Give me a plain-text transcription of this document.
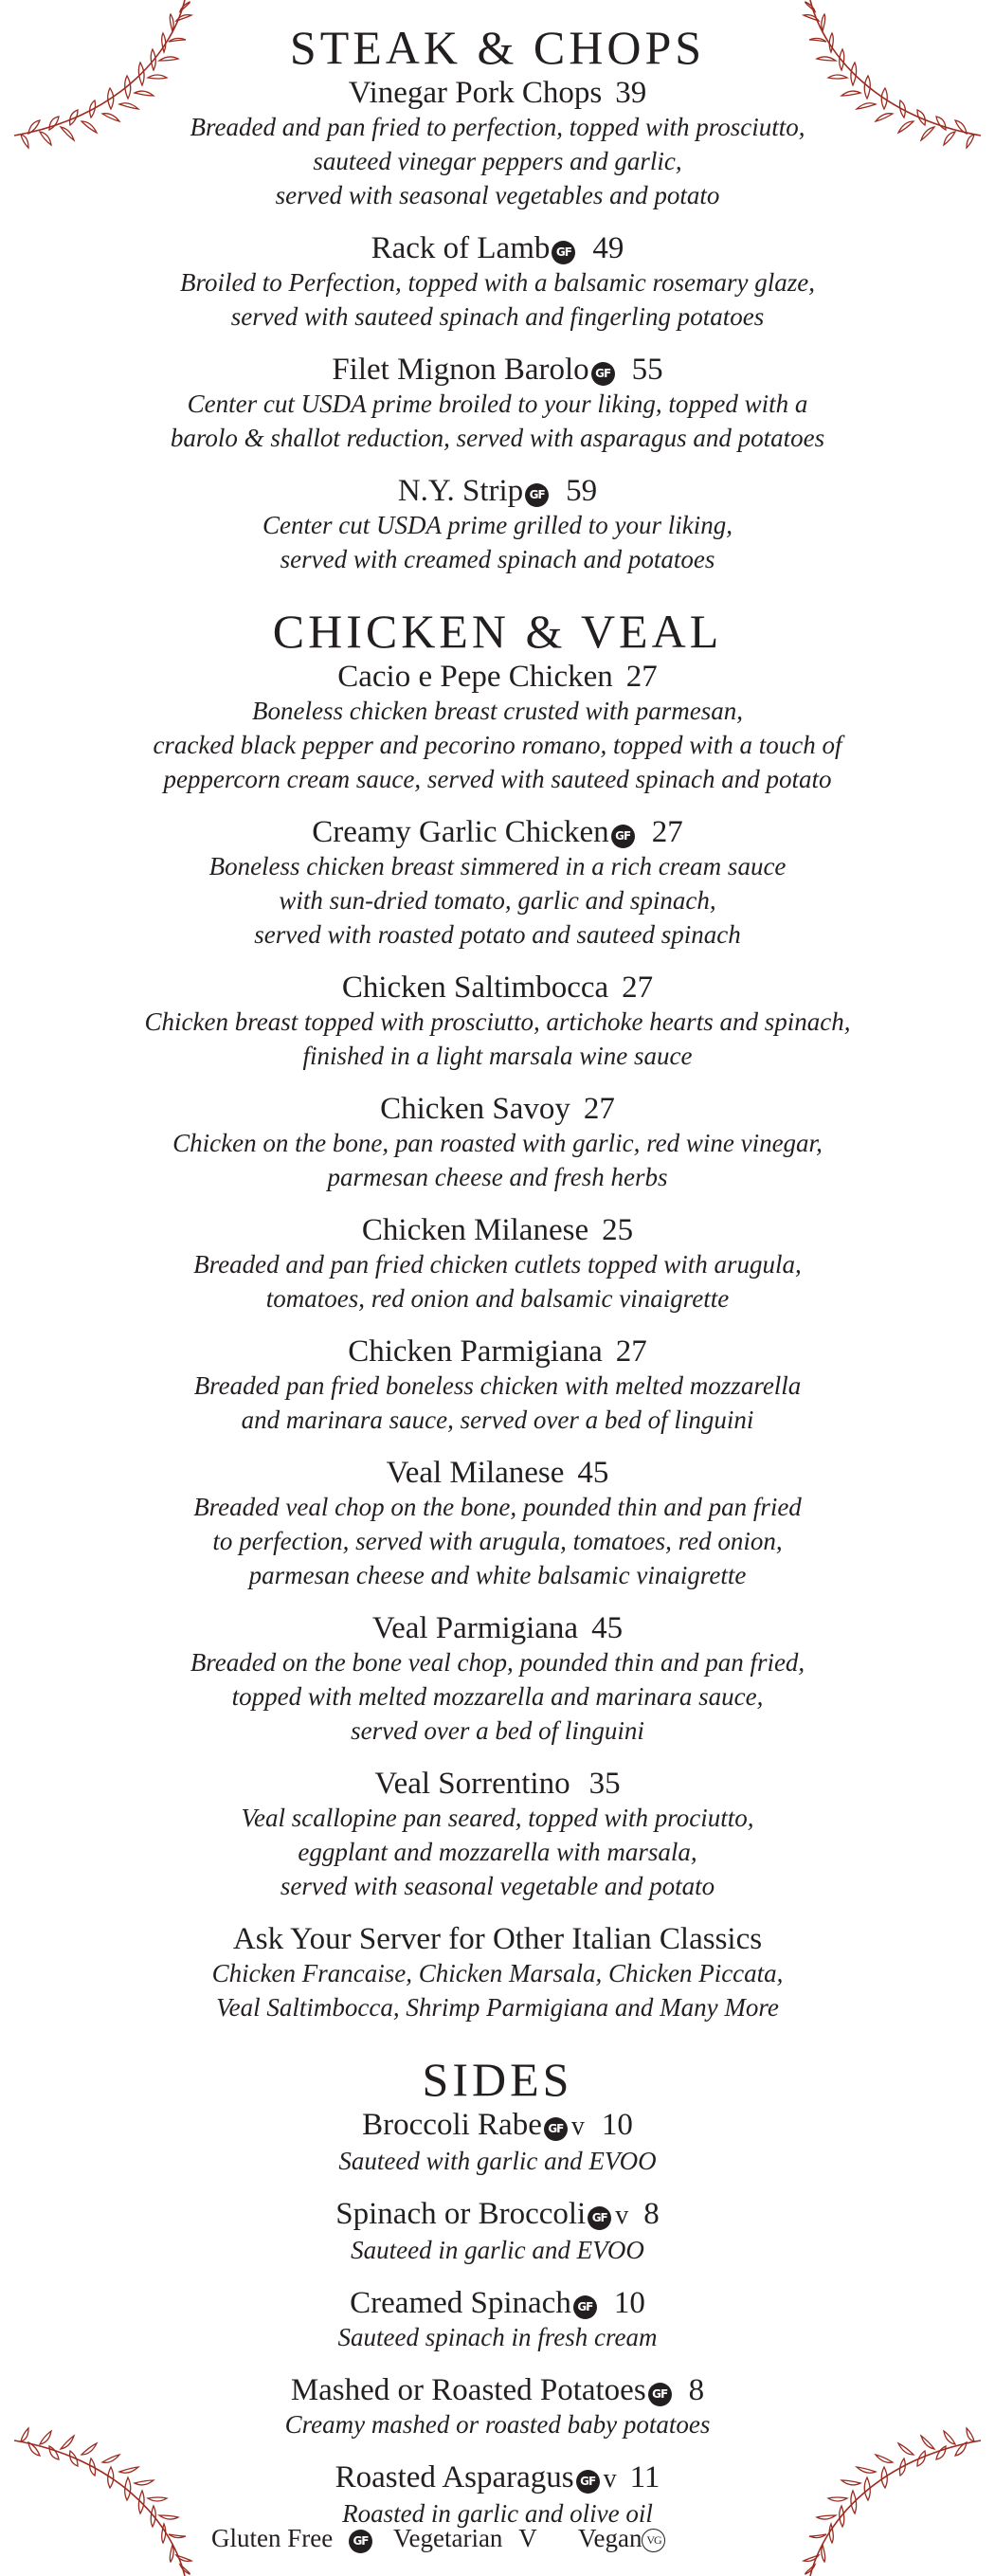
STEAK & CHOPS
Vinegar Pork Chops 39
Breaded and pan fried to perfection, topped with prosciutto,
sauteed vinegar peppers and garlic,
served with seasonal vegetables and potato
Rack of Lamb GF 49
Broiled to Perfection, topped with a balsamic rosemary glaze,
served with sauteed spinach and fingerling potatoes
Filet Mignon Barolo GF 55
Center cut USDA prime broiled to your liking, topped with a
barolo & shallot reduction, served with asparagus and potatoes
N.Y. Strip GF 59
Center cut USDA prime grilled to your liking,
served with creamed spinach and potatoes
CHICKEN & VEAL
Cacio e Pepe Chicken 27
Boneless chicken breast crusted with parmesan,
cracked black pepper and pecorino romano, topped with a touch of
peppercorn cream sauce, served with sauteed spinach and potato
Creamy Garlic Chicken GF 27
Boneless chicken breast simmered in a rich cream sauce
with sun-dried tomato, garlic and spinach,
served with roasted potato and sauteed spinach
Chicken Saltimbocca 27
Chicken breast topped with prosciutto, artichoke hearts and spinach,
finished in a light marsala wine sauce
Chicken Savoy 27
Chicken on the bone, pan roasted with garlic, red wine vinegar,
parmesan cheese and fresh herbs
Chicken Milanese 25
Breaded and pan fried chicken cutlets topped with arugula,
tomatoes, red onion and balsamic vinaigrette
Chicken Parmigiana 27
Breaded pan fried boneless chicken with melted mozzarella
and marinara sauce, served over a bed of linguini
Veal Milanese 45
Breaded veal chop on the bone, pounded thin and pan fried
to perfection, served with arugula, tomatoes, red onion,
parmesan cheese and white balsamic vinaigrette
Veal Parmigiana 45
Breaded on the bone veal chop, pounded thin and pan fried,
topped with melted mozzarella and marinara sauce,
served over a bed of linguini
Veal Sorrentino 35
Veal scallopine pan seared, topped with prociutto,
eggplant and mozzarella with marsala,
served with seasonal vegetable and potato
Ask Your Server for Other Italian Classics
Chicken Francaise, Chicken Marsala, Chicken Piccata,
Veal Saltimbocca, Shrimp Parmigiana and Many More
SIDES
Broccoli Rabe GF v 10
Sauteed with garlic and EVOO
Spinach or Broccoli GF v 8
Sauteed in garlic and EVOO
Creamed Spinach GF 10
Sauteed spinach in fresh cream
Mashed or Roasted Potatoes GF 8
Creamy mashed or roasted baby potatoes
Roasted Asparagus GF v 11
Roasted in garlic and olive oil
Gluten Free GF Vegetarian V Vegan VG
